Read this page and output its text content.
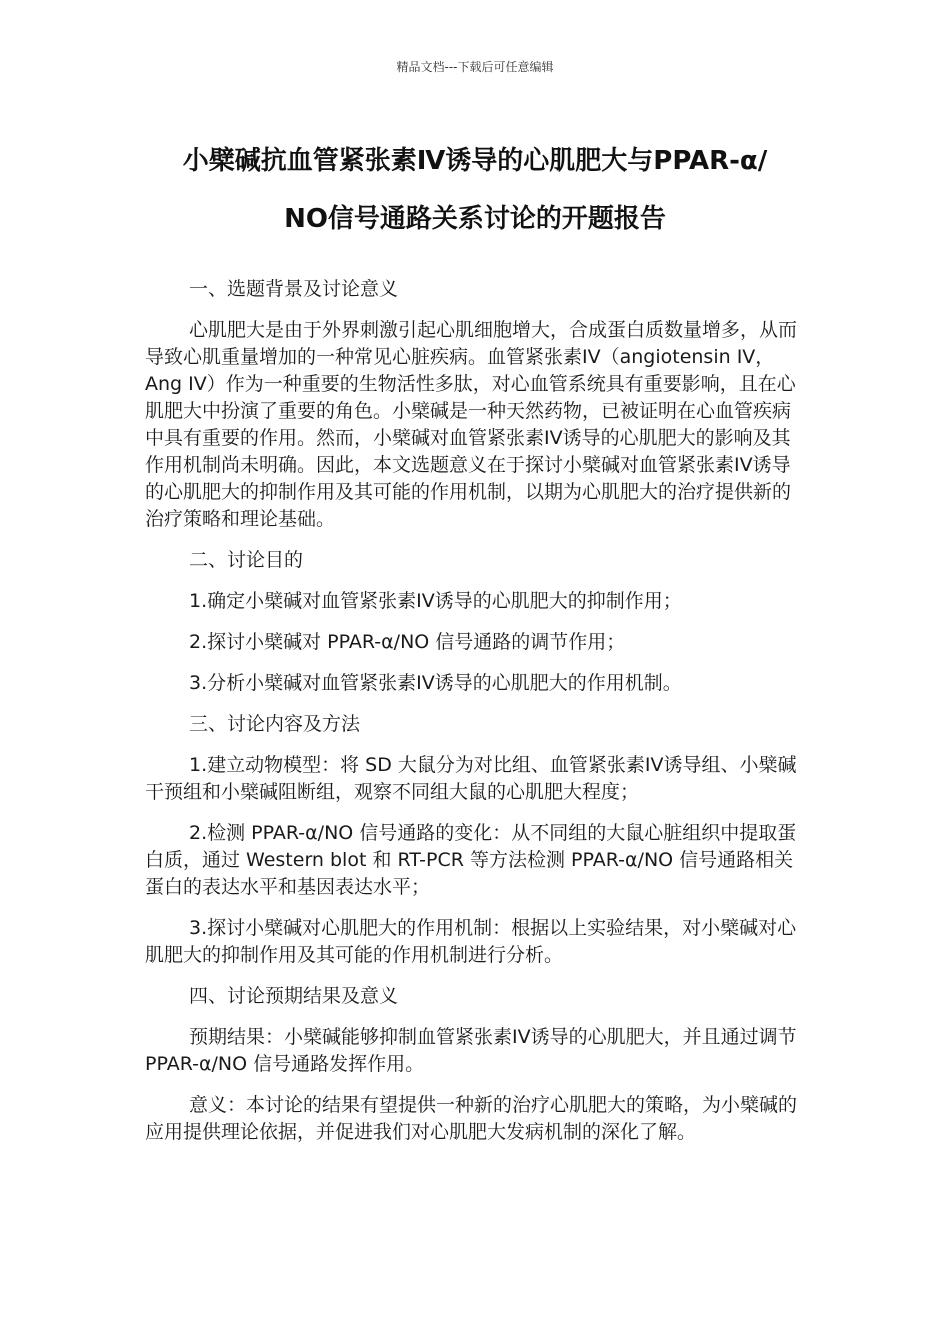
精品文档---下载后可任意编辑
小檗碱抗血管紧张素Ⅳ诱导的心肌肥大与PPAR-α/
NO信号通路关系讨论的开题报告

一、选题背景及讨论意义

心肌肥大是由于外界刺激引起心肌细胞增大，合成蛋白质数量增多，从而导致心肌重量增加的一种常见心脏疾病。血管紧张素IV（angiotensin IV，Ang IV）作为一种重要的生物活性多肽，对心血管系统具有重要影响，且在心肌肥大中扮演了重要的角色。小檗碱是一种天然药物，已被证明在心血管疾病中具有重要的作用。然而，小檗碱对血管紧张素IV诱导的心肌肥大的影响及其作用机制尚未明确。因此，本文选题意义在于探讨小檗碱对血管紧张素IV诱导的心肌肥大的抑制作用及其可能的作用机制，以期为心肌肥大的治疗提供新的治疗策略和理论基础。

二、讨论目的

1.确定小檗碱对血管紧张素IV诱导的心肌肥大的抑制作用；

2.探讨小檗碱对 PPAR-α/NO 信号通路的调节作用；

3.分析小檗碱对血管紧张素IV诱导的心肌肥大的作用机制。

三、讨论内容及方法

1.建立动物模型：将 SD 大鼠分为对比组、血管紧张素IV诱导组、小檗碱干预组和小檗碱阻断组，观察不同组大鼠的心肌肥大程度；

2.检测 PPAR-α/NO 信号通路的变化：从不同组的大鼠心脏组织中提取蛋白质，通过 Western blot 和 RT-PCR 等方法检测 PPAR-α/NO 信号通路相关蛋白的表达水平和基因表达水平；

3.探讨小檗碱对心肌肥大的作用机制：根据以上实验结果，对小檗碱对心肌肥大的抑制作用及其可能的作用机制进行分析。

四、讨论预期结果及意义

预期结果：小檗碱能够抑制血管紧张素IV诱导的心肌肥大，并且通过调节 PPAR-α/NO 信号通路发挥作用。

意义：本讨论的结果有望提供一种新的治疗心肌肥大的策略，为小檗碱的应用提供理论依据，并促进我们对心肌肥大发病机制的深化了解。
